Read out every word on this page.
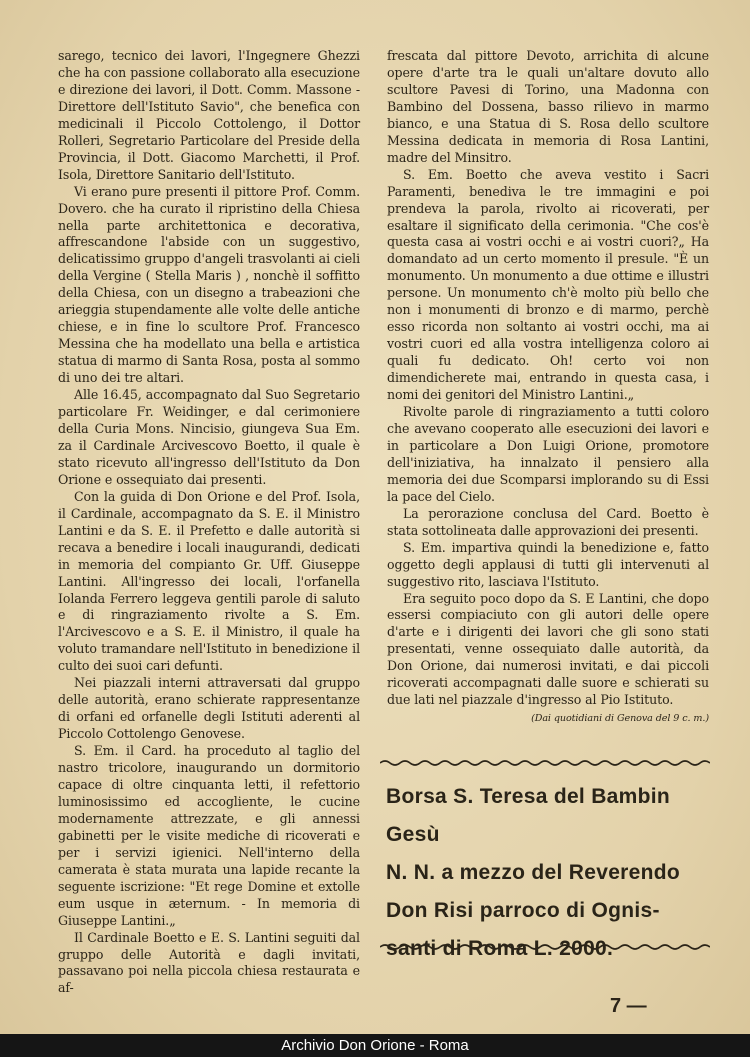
sarego, tecnico dei lavori, l'Ingegnere Ghezzi che ha con passione collaborato alla esecuzione e direzione dei lavori, il Dott. Comm. Massone - Direttore dell'Istituto Savio", che benefica con medicinali il Piccolo Cottolengo, il Dottor Rolleri, Segretario Particolare del Preside della Provincia, il Dott. Giacomo Marchetti, il Prof. Isola, Direttore Sanitario dell'Istituto.

Vi erano pure presenti il pittore Prof. Comm. Dovero. che ha curato il ripristino della Chiesa nella parte architettonica e decorativa, affrescandone l'abside con un suggestivo, delicatissimo gruppo d'angeli trasvolanti ai cieli della Vergine ( Stella Maris ) , nonchè il soffitto della Chiesa, con un disegno a trabeazioni che arieggia stupendamente alle volte delle antiche chiese, e in fine lo scultore Prof. Francesco Messina che ha modellato una bella e artistica statua di marmo di Santa Rosa, posta al sommo di uno dei tre altari.

Alle 16.45, accompagnato dal Suo Segretario particolare Fr. Weidinger, e dal cerimoniere della Curia Mons. Nincisio, giungeva Sua Em. za il Cardinale Arcivescovo Boetto, il quale è stato ricevuto all'ingresso dell'Istituto da Don Orione e ossequiato dai presenti.

Con la guida di Don Orione e del Prof. Isola, il Cardinale, accompagnato da S. E. il Ministro Lantini e da S. E. il Prefetto e dalle autorità si recava a benedire i locali inaugurandi, dedicati in memoria del compianto Gr. Uff. Giuseppe Lantini. All'ingresso dei locali, l'orfanella Iolanda Ferrero leggeva gentili parole di saluto e di ringraziamento rivolte a S. Em. l'Arcivescovo e a S. E. il Ministro, il quale ha voluto tramandare nell'Istituto in benedizione il culto dei suoi cari defunti.

Nei piazzali interni attraversati dal gruppo delle autorità, erano schierate rappresentanze di orfani ed orfanelle degli Istituti aderenti al Piccolo Cottolengo Genovese.

S. Em. il Card. ha proceduto al taglio del nastro tricolore, inaugurando un dormitorio capace di oltre cinquanta letti, il refettorio luminosissimo ed accogliente, le cucine modernamente attrezzate, e gli annessi gabinetti per le visite mediche di ricoverati e per i servizi igienici. Nell'interno della camerata è stata murata una lapide recante la seguente iscrizione: "Et rege Domine et extolle eum usque in æternum. - In memoria di Giuseppe Lantini.„

Il Cardinale Boetto e E. S. Lantini seguiti dal gruppo delle Autorità e dagli invitati, passavano poi nella piccola chiesa restaurata e af-

frescata dal pittore Devoto, arrichita di alcune opere d'arte tra le quali un'altare dovuto allo scultore Pavesi di Torino, una Madonna con Bambino del Dossena, basso rilievo in marmo bianco, e una Statua di S. Rosa dello scultore Messina dedicata in memoria di Rosa Lantini, madre del Minsitro.

S. Em. Boetto che aveva vestito i Sacri Paramenti, benediva le tre immagini e poi prendeva la parola, rivolto ai ricoverati, per esaltare il significato della cerimonia. "Che cos'è questa casa ai vostri occhi e ai vostri cuori?„ Ha domandato ad un certo momento il presule. "È un monumento. Un monumento a due ottime e illustri persone. Un monumento ch'è molto più bello che non i monumenti di bronzo e di marmo, perchè esso ricorda non soltanto ai vostri occhi, ma ai vostri cuori ed alla vostra intelligenza coloro ai quali fu dedicato. Oh! certo voi non dimendicherete mai, entrando in questa casa, i nomi dei genitori del Ministro Lantini.„

Rivolte parole di ringraziamento a tutti coloro che avevano cooperato alle esecuzioni dei lavori e in particolare a Don Luigi Orione, promotore dell'iniziativa, ha innalzato il pensiero alla memoria dei due Scomparsi implorando su di Essi la pace del Cielo.

La perorazione conclusa del Card. Boetto è stata sottolineata dalle approvazioni dei presenti.

S. Em. impartiva quindi la benedizione e, fatto oggetto degli applausi di tutti gli intervenuti al suggestivo rito, lasciava l'Istituto.

Era seguito poco dopo da S. E Lantini, che dopo essersi compiaciuto con gli autori delle opere d'arte e i dirigenti dei lavori che gli sono stati presentati, venne ossequiato dalle autorità, da Don Orione, dai numerosi invitati, e dai piccoli ricoverati accompagnati dalle suore e schierati su due lati nel piazzale d'ingresso al Pio Istituto.

(Dai quotidiani di Genova del 9 c. m.)

Borsa S. Teresa del Bambin Gesù
N. N. a mezzo del Reverendo
Don Risi parroco di Ognis-
santi di Roma L. 2000.
7 —
Archivio Don Orione - Roma
